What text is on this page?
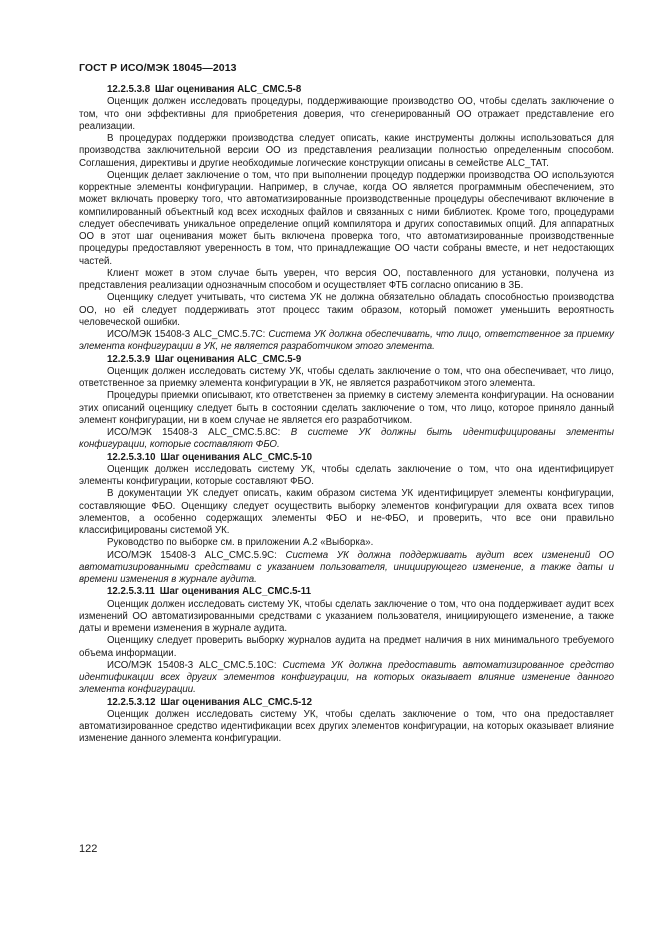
ГОСТ Р ИСО/МЭК 18045—2013

12.2.5.3.8  Шаг оценивания ALC_CMC.5-8

Оценщик должен исследовать процедуры, поддерживающие производство ОО, чтобы сделать заключение о том, что они эффективны для приобретения доверия, что сгенерированный ОО отражает представление его реализации.

В процедурах поддержки производства следует описать, какие инструменты должны использоваться для производства заключительной версии ОО из представления реализации полностью определенным способом. Соглашения, директивы и другие необходимые логические конструкции описаны в семействе ALC_TAT.

Оценщик делает заключение о том, что при выполнении процедур поддержки производства ОО используются корректные элементы конфигурации. Например, в случае, когда ОО является программным обеспечением, это может включать проверку того, что автоматизированные производственные процедуры обеспечивают включение в компилированный объектный код всех исходных файлов и связанных с ними библиотек. Кроме того, процедурами следует обеспечивать уникальное определение опций компилятора и других сопоставимых опций. Для аппаратных ОО в этот шаг оценивания может быть включена проверка того, что автоматизированные производственные процедуры предоставляют уверенность в том, что принадлежащие ОО части собраны вместе, и нет недостающих частей.

Клиент может в этом случае быть уверен, что версия ОО, поставленного для установки, получена из представления реализации однозначным способом и осуществляет ФТБ согласно описанию в ЗБ.

Оценщику следует учитывать, что система УК не должна обязательно обладать способностью производства ОО, но ей следует поддерживать этот процесс таким образом, который поможет уменьшить вероятность человеческой ошибки.

ИСО/МЭК 15408-3 ALC_CMC.5.7C: Система УК должна обеспечивать, что лицо, ответственное за приемку элемента конфигурации в УК, не является разработчиком этого элемента.

12.2.5.3.9  Шаг оценивания ALC_CMC.5-9

Оценщик должен исследовать систему УК, чтобы сделать заключение о том, что она обеспечивает, что лицо, ответственное за приемку элемента конфигурации в УК, не является разработчиком этого элемента.

Процедуры приемки описывают, кто ответственен за приемку в систему элемента конфигурации. На основании этих описаний оценщику следует быть в состоянии сделать заключение о том, что лицо, которое приняло данный элемент конфигурации, ни в коем случае не является его разработчиком.

ИСО/МЭК 15408-3 ALC_CMC.5.8C: В системе УК должны быть идентифицированы элементы конфигурации, которые составляют ФБО.

12.2.5.3.10  Шаг оценивания ALC_CMC.5-10

Оценщик должен исследовать систему УК, чтобы сделать заключение о том, что она идентифицирует элементы конфигурации, которые составляют ФБО.

В документации УК следует описать, каким образом система УК идентифицирует элементы конфигурации, составляющие ФБО. Оценщику следует осуществить выборку элементов конфигурации для охвата всех типов элементов, а особенно содержащих элементы ФБО и не-ФБО, и проверить, что все они правильно классифицированы системой УК.

Руководство по выборке см. в приложении А.2 «Выборка».

ИСО/МЭК 15408-3 ALC_CMC.5.9C: Система УК должна поддерживать аудит всех изменений ОО автоматизированными средствами с указанием пользователя, инициирующего изменение, а также даты и времени изменения в журнале аудита.

12.2.5.3.11  Шаг оценивания ALC_CMC.5-11

Оценщик должен исследовать систему УК, чтобы сделать заключение о том, что она поддерживает аудит всех изменений ОО автоматизированными средствами с указанием пользователя, инициирующего изменение, а также даты и времени изменения в журнале аудита.

Оценщику следует проверить выборку журналов аудита на предмет наличия в них минимального требуемого объема информации.

ИСО/МЭК 15408-3 ALC_CMC.5.10C: Система УК должна предоставить автоматизированное средство идентификации всех других элементов конфигурации, на которых оказывает влияние изменение данного элемента конфигурации.

12.2.5.3.12  Шаг оценивания ALC_CMC.5-12

Оценщик должен исследовать систему УК, чтобы сделать заключение о том, что она предоставляет автоматизированное средство идентификации всех других элементов конфигурации, на которых оказывает влияние изменение данного элемента конфигурации.

122
